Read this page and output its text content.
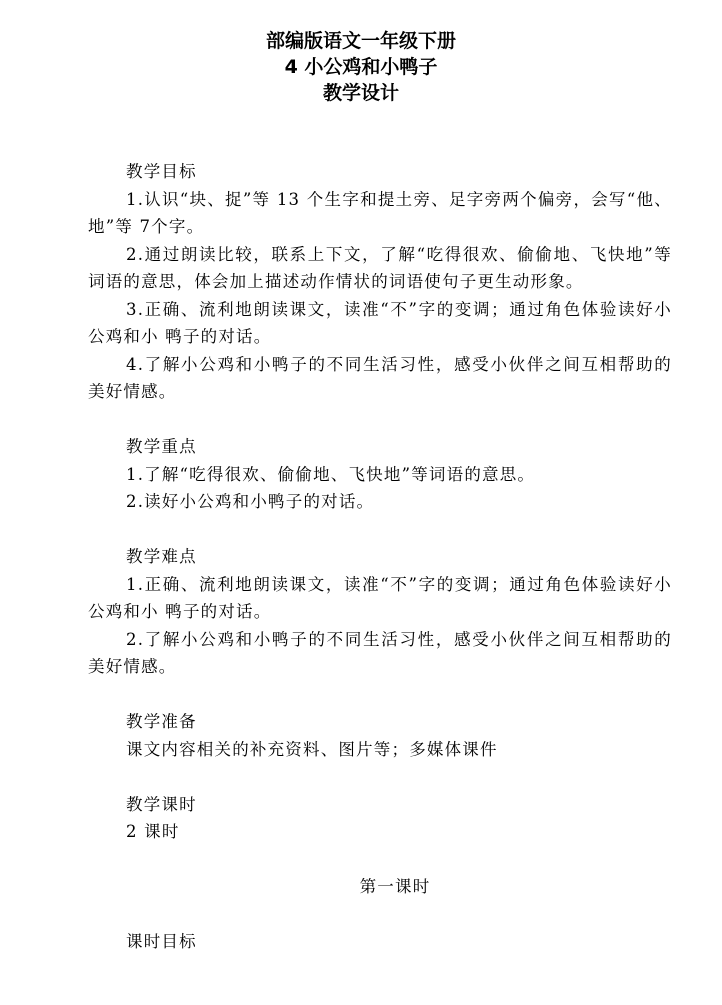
部编版语文一年级下册
4 小公鸡和小鸭子
教学设计

教学目标

1.认识“块、捉”等 13 个生字和提土旁、足字旁两个偏旁，会写“他、地”等 7个字。

2.通过朗读比较，联系上下文，了解“吃得很欢、偷偷地、飞快地”等词语的意思，体会加上描述动作情状的词语使句子更生动形象。

3.正确、流利地朗读课文，读准“不”字的变调；通过角色体验读好小公鸡和小 鸭子的对话。

4.了解小公鸡和小鸭子的不同生活习性，感受小伙伴之间互相帮助的美好情感。

教学重点

1.了解“吃得很欢、偷偷地、飞快地”等词语的意思。

2.读好小公鸡和小鸭子的对话。

教学难点

1.正确、流利地朗读课文，读准“不”字的变调；通过角色体验读好小公鸡和小 鸭子的对话。

2.了解小公鸡和小鸭子的不同生活习性，感受小伙伴之间互相帮助的美好情感。

教学准备

课文内容相关的补充资料、图片等；多媒体课件

教学课时

2 课时

第一课时

课时目标
